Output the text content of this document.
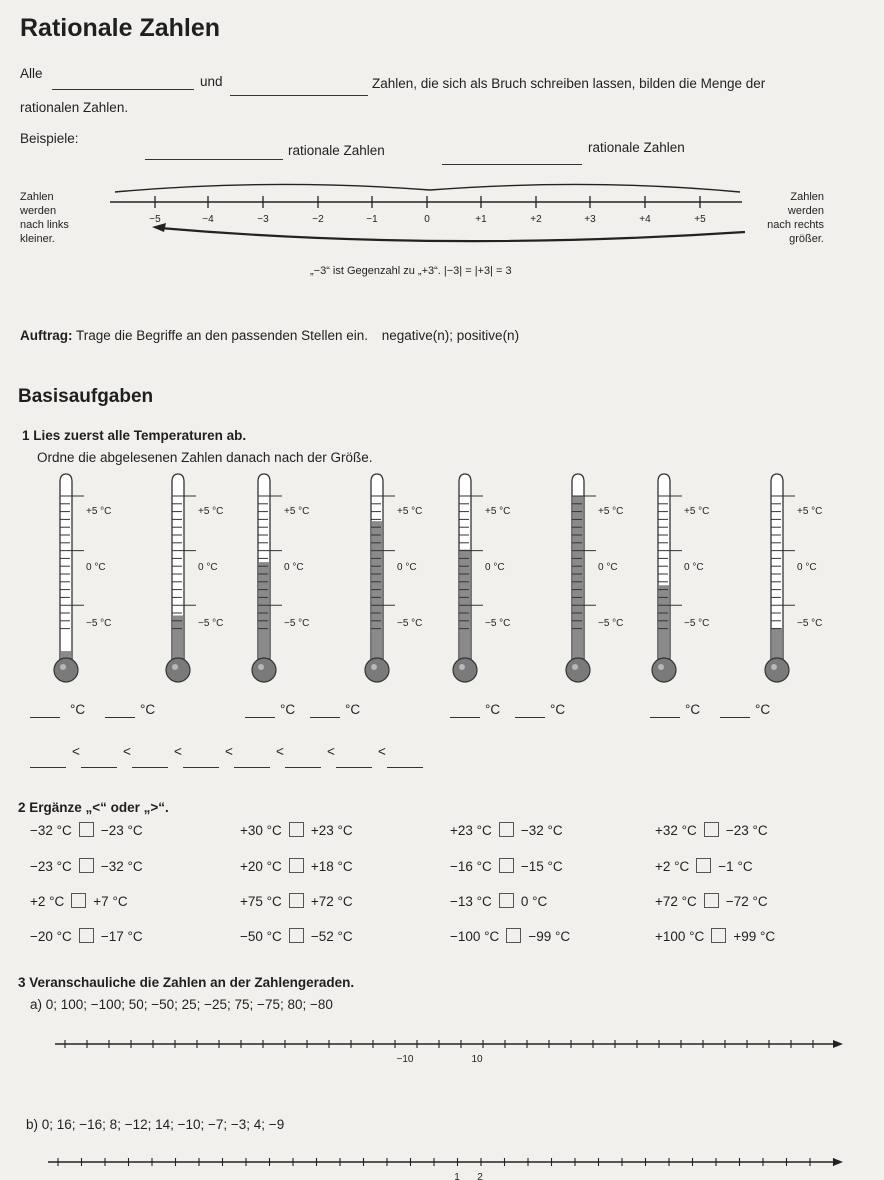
Rationale Zahlen
Alle
und	Zahlen, die sich als Bruch schreiben lassen, bilden die Menge der
rationalen Zahlen.
Beispiele:
rationale Zahlen	rationale Zahlen
Zahlen
werden
nach links
kleiner.
Zahlen
werden
nach rechts
größer.
−5	−4	−3	−2	−1	0	+1	+2	+3	+4	+5
„−3“ ist Gegenzahl zu „+3“. |−3| = |+3| = 3
Auftrag: Trage die Begriffe an den passenden Stellen ein. negative(n); positive(n)
Basisaufgaben
1 Lies zuerst alle Temperaturen ab.
Ordne die abgelesenen Zahlen danach nach der Größe.
+5 °C
0 °C
−5 °C
+5 °C
0 °C
−5 °C
+5 °C
0 °C
−5 °C
+5 °C
0 °C
−5 °C
+5 °C
0 °C
−5 °C
+5 °C
0 °C
−5 °C
+5 °C
0 °C
−5 °C
+5 °C
0 °C
−5 °C
°C	°C	°C	°C	°C	°C	°C	°C
<	<	<	<	<	<	<
2 Ergänze „<“ oder „>“.
−32 °C −23 °C	+30 °C +23 °C	+23 °C −32 °C	+32 °C −23 °C
−23 °C −32 °C	+20 °C +18 °C	−16 °C −15 °C	+2 °C −1 °C
+2 °C +7 °C	+75 °C +72 °C	−13 °C 0 °C	+72 °C −72 °C
−20 °C −17 °C	−50 °C −52 °C	−100 °C −99 °C	+100 °C +99 °C
3 Veranschauliche die Zahlen an der Zahlengeraden.
a) 0; 100; −100; 50; −50; 25; −25; 75; −75; 80; −80
−10	10
b) 0; 16; −16; 8; −12; 14; −10; −7; −3; 4; −9
1 2
